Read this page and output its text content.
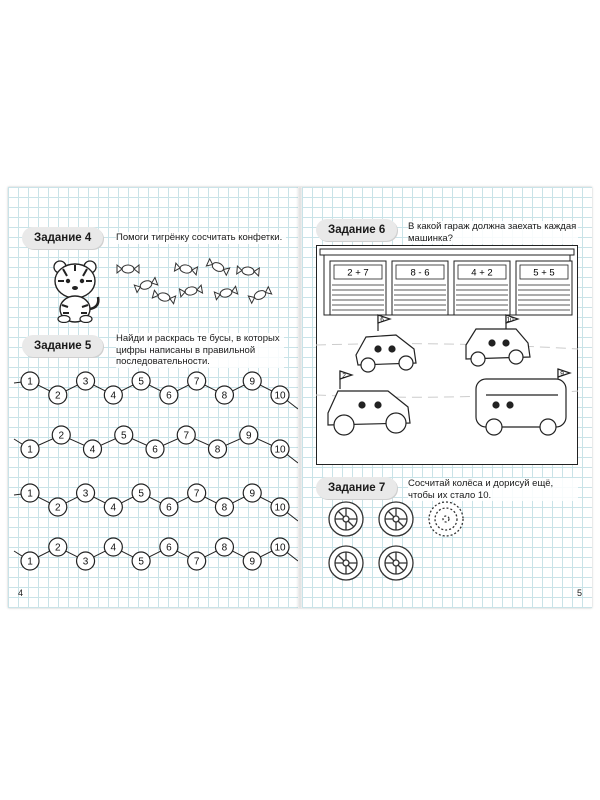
Задание 4	Помоги тигрёнку сосчитать конфетки.
Задание 5
Найди и раскрась те бусы, в которых цифры написаны в правильной последовательности.
1
2
3
4
5
6
7
8
9
10
1
2
4
5
6
7
8
9
10
1
2
3
4
5
6
7
8
9
10
1
2
3
4
5
6
7
8
9
10
4
Задание 6	В какой гараж должна заехать каждая машинка?
2 + 7	8 - 6	4 + 2	5 + 5
6	10
2	9
Задание 7	Сосчитай колёса и дорисуй ещё, чтобы их стало 10.
5
